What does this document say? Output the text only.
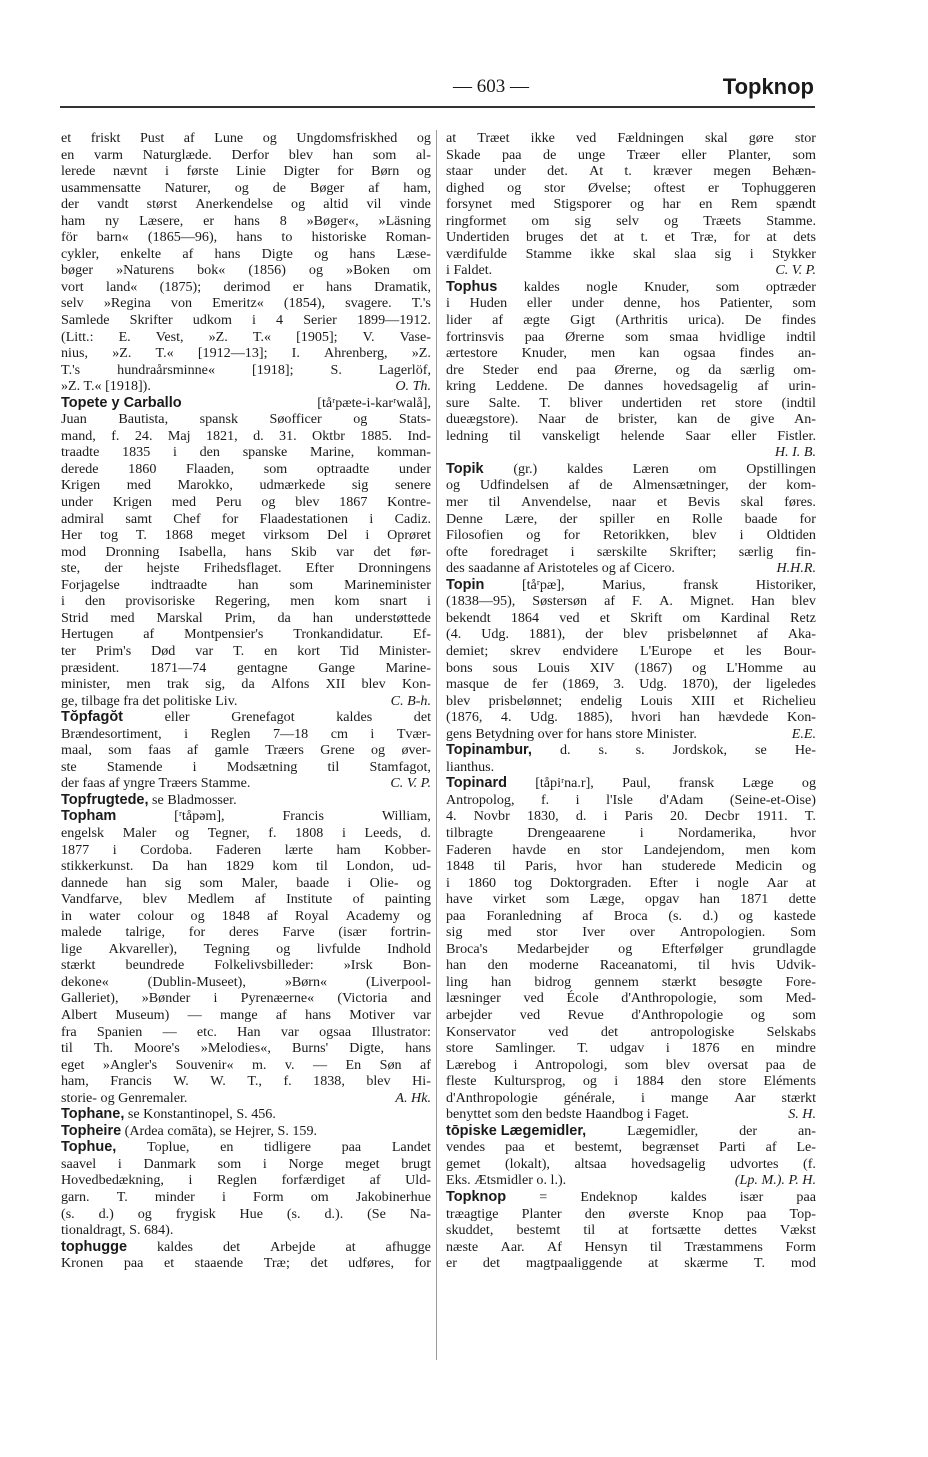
— 603 —	Topknop
et friskt Pust af Lune og Ungdomsfriskhed og
en varm Naturglæde. Derfor blev han som al-
lerede nævnt i første Linie Digter for Børn og
usammensatte Naturer, og de Bøger af ham,
der vandt størst Anerkendelse og altid vil vinde
ham ny Læsere, er hans 8 »Bøger«, »Läsning
för barn« (1865—96), hans to historiske Roman-
cykler, enkelte af hans Digte og hans Læse-
bøger »Naturens bok« (1856) og »Boken om
vort land« (1875); derimod er hans Dramatik,
selv »Regina von Emeritz« (1854), svagere. T.'s
Samlede Skrifter udkom i 4 Serier 1899—1912.
(Litt.: E. Vest, »Z. T.« [1905]; V. Vase-
nius, »Z. T.« [1912—13]; I. Ahrenberg, »Z.
T.'s	hundraårsminne«	[1918];	S.	Lagerlöf,
»Z. T.« [1918]).	O. Th.
Topete y Carballo	[tåʳpæte-i-karʳwalå],
Juan Bautista, spansk Søofficer og Stats-
mand, f. 24. Maj 1821, d. 31. Oktbr 1885. Ind-
traadte 1835 i den spanske Marine, komman-
derede 1860 Flaaden, som optraadte under
Krigen med Marokko, udmærkede sig senere
under Krigen med Peru og blev 1867 Kontre-
admiral samt Chef for Flaadestationen i Cadiz.
Her tog T. 1868 meget virksom Del i Oprøret
mod Dronning Isabella, hans Skib var det før-
ste, der hejste Frihedsflaget. Efter Dronningens
Forjagelse indtraadte han som Marineminister
i den provisoriske Regering, men kom snart i
Strid med Marskal Prim, da han understøttede
Hertugen af Montpensier's Tronkandidatur. Ef-
ter Prim's Død var T. en kort Tid Minister-
præsident. 1871—74 gentagne Gange Marine-
minister, men trak sig, da Alfons XII blev Kon-
ge, tilbage fra det politiske Liv.	C. B-h.
Tŏpfagŏt	eller	Grenefagot	kaldes	det
Brændesortiment, i Reglen 7—18 cm i Tvær-
maal, som faas af gamle Træers Grene og øver-
ste Stamende i Modsætning til Stamfagot,
der faas af yngre Træers Stamme.	C. V. P.
Topfrugtede, se Bladmosser.
Topham	[ʳtåpəm],	Francis	William,
engelsk Maler og Tegner, f. 1808 i Leeds, d.
1877 i Cordoba. Faderen lærte ham Kobber-
stikkerkunst. Da han 1829 kom til London, ud-
dannede han sig som Maler, baade i Olie- og
Vandfarve, blev Medlem af Institute of painting
in water colour og 1848 af Royal Academy og
malede talrige, for deres Farve (især fortrin-
lige Akvareller), Tegning og livfulde Indhold
stærkt beundrede Folkelivsbilleder: »Irsk Bon-
dekone«	(Dublin-Museet),	»Børn«	(Liverpool-
Galleriet), »Bønder i Pyrenæerne« (Victoria and
Albert Museum) — mange af hans Motiver var
fra Spanien — etc. Han var ogsaa Illustrator:
til Th. Moore's »Melodies«, Burns' Digte, hans
eget »Angler's Souvenir« m. v. — En Søn af
ham, Francis W. W. T., f. 1838, blev Hi-
storie- og Genremaler.	A. Hk.
Tophane, se Konstantinopel, S. 456.
Topheire (Ardea comāta), se Hejrer, S. 159.
Tophue, Toplue, en tidligere paa Landet
saavel i Danmark som i Norge meget brugt
Hovedbedækning, i Reglen forfærdiget af Uld-
garn. T. minder i Form om Jakobinerhue
(s. d.) og frygisk Hue (s. d.). (Se Na-
tionaldragt, S. 684).
tophugge kaldes det Arbejde at afhugge
Kronen paa et staaende Træ; det udføres, for
at Træet ikke ved Fældningen skal gøre stor
Skade paa de unge Træer eller Planter, som
staar under det. At t. kræver megen Behæn-
dighed og stor Øvelse; oftest er Tophuggeren
forsynet med Stigsporer og har en Rem spændt
ringformet om sig selv og Træets Stamme.
Undertiden bruges det at t. et Træ, for at dets
værdifulde Stamme ikke skal slaa sig i Stykker
i Faldet.	C. V. P.
Tophus kaldes nogle Knuder, som optræder
i Huden eller under denne, hos Patienter, som
lider af ægte Gigt (Arthritis urica). De findes
fortrinsvis paa Ørerne som smaa hvidlige indtil
ærtestore Knuder, men kan ogsaa findes an-
dre Steder end paa Ørerne, og da særlig om-
kring Leddene. De dannes hovedsagelig af urin-
sure Salte. T. bliver undertiden ret store (indtil
dueægstore). Naar de brister, kan de give An-
ledning til vanskeligt helende Saar eller Fistler.
H. I. B.
Topik (gr.) kaldes Læren om Opstillingen
og Udfindelsen af de Almensætninger, der kom-
mer til Anvendelse, naar et Bevis skal føres.
Denne Lære, der spiller en Rolle baade for
Filosofien og for Retorikken, blev i Oldtiden
ofte foredraget i særskilte Skrifter; særlig fin-
des saadanne af Aristoteles og af Cicero.	H.H.R.
Topin	[tåʳpæ],	Marius,	fransk	Historiker,
(1838—95), Søstersøn af F. A. Mignet. Han blev
bekendt 1864 ved et Skrift om Kardinal Retz
(4. Udg. 1881), der blev prisbelønnet af Aka-
demiet; skrev endvidere L'Europe et les Bour-
bons sous Louis XIV (1867) og L'Homme au
masque de fer (1869, 3. Udg. 1870), der ligeledes
blev prisbelønnet; endelig Louis XIII et Richelieu
(1876, 4. Udg. 1885), hvori han hævdede Kon-
gens Betydning over for hans store Minister.	E.E.
Topinambur, d. s. s. Jordskok, se He-
lianthus.
Topinard [tåpiʳna.r], Paul, fransk Læge og
Antropolog, f. i l'Isle d'Adam (Seine-et-Oise)
4. Novbr 1830, d. i Paris 20. Decbr 1911. T.
tilbragte Drengeaarene i Nordamerika, hvor
Faderen havde en stor Landejendom, men kom
1848 til Paris, hvor han studerede Medicin og
i 1860 tog Doktorgraden. Efter i nogle Aar at
have virket som Læge, opgav han 1871 dette
paa Foranledning af Broca (s. d.) og kastede
sig med stor Iver over Antropologien. Som
Broca's Medarbejder og Efterfølger grundlagde
han den moderne Raceanatomi, til hvis Udvik-
ling han bidrog gennem stærkt besøgte Fore-
læsninger ved École d'Anthropologie, som Med-
arbejder ved Revue d'Anthropologie og som
Konservator ved det antropologiske Selskabs
store Samlinger. T. udgav i 1876 en mindre
Lærebog i Antropologi, som blev oversat paa de
fleste Kultursprog, og i 1884 den store Eléments
d'Anthropologie générale, i mange Aar stærkt
benyttet som den bedste Haandbog i Faget.	S. H.
tōpiske Lægemidler,	Lægemidler,	der	an-
vendes paa et bestemt, begrænset Parti af Le-
gemet (lokalt), altsaa hovedsagelig udvortes (f.
Eks. Ætsmidler o. l.).	(Lp. M.). P. H.
Topknop = Endeknop kaldes især paa
træagtige Planter den øverste Knop paa Top-
skuddet, bestemt til at fortsætte dettes Vækst
næste Aar. Af Hensyn til Træstammens Form
er det magtpaaliggende at skærme T. mod
